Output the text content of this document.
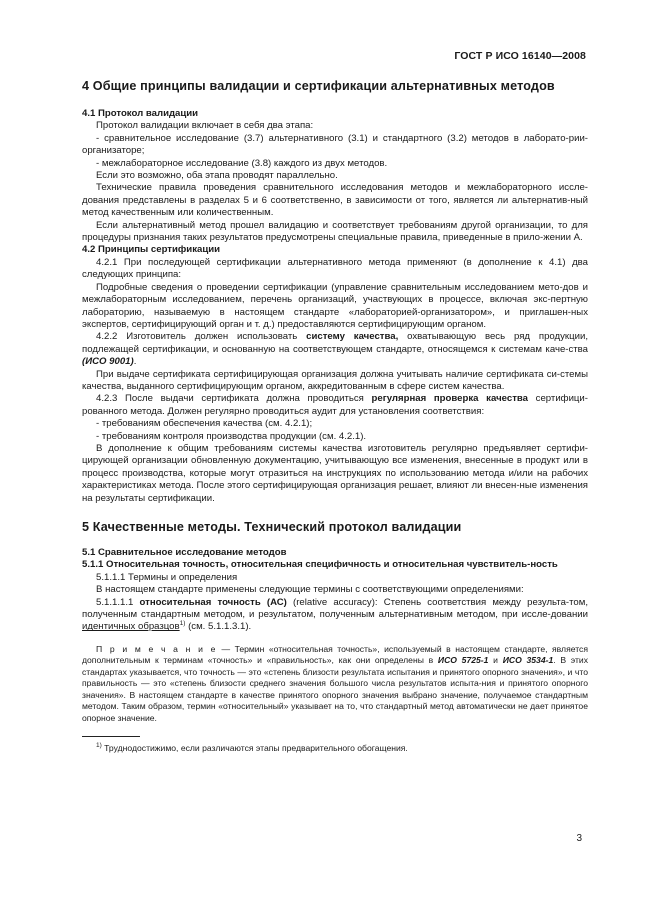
ГОСТ Р ИСО 16140—2008
4 Общие принципы валидации и сертификации альтернативных методов
4.1 Протокол валидации

Протокол валидации включает в себя два этапа:

- сравнительное исследование (3.7) альтернативного (3.1) и стандартного (3.2) методов в лаборато-рии-организаторе;

- межлабораторное исследование (3.8) каждого из двух методов.

Если это возможно, оба этапа проводят параллельно.

Технические правила проведения сравнительного исследования методов и межлабораторного иссле-дования представлены в разделах 5 и 6 соответственно, в зависимости от того, является ли альтернатив-ный метод качественным или количественным.

Если альтернативный метод прошел валидацию и соответствует требованиям другой организации, то для процедуры признания таких результатов предусмотрены специальные правила, приведенные в прило-жении А.

4.2 Принципы сертификации

4.2.1 При последующей сертификации альтернативного метода применяют (в дополнение к 4.1) два следующих принципа:

Подробные сведения о проведении сертификации (управление сравнительным исследованием мето-дов и межлабораторным исследованием, перечень организаций, участвующих в процессе, включая экс-пертную лабораторию, называемую в настоящем стандарте «лабораторией-организатором», и приглашен-ных экспертов, сертифицирующий орган и т. д.) предоставляются сертифицирующим органом.

4.2.2 Изготовитель должен использовать систему качества, охватывающую весь ряд продукции, подлежащей сертификации, и основанную на соответствующем стандарте, относящемся к системам каче-ства (ИСО 9001).

При выдаче сертификата сертифицирующая организация должна учитывать наличие сертификата си-стемы качества, выданного сертифицирующим органом, аккредитованным в сфере систем качества.

4.2.3 После выдачи сертификата должна проводиться регулярная проверка качества сертифици-рованного метода. Должен регулярно проводиться аудит для установления соответствия:

- требованиям обеспечения качества (см. 4.2.1);

- требованиям контроля производства продукции (см. 4.2.1).

В дополнение к общим требованиям системы качества изготовитель регулярно предъявляет сертифи-цирующей организации обновленную документацию, учитывающую все изменения, внесенные в продукт или в процесс производства, которые могут отразиться на инструкциях по использованию метода и/или на рабочих характеристиках метода. После этого сертифицирующая организация решает, влияют ли внесен-ные изменения на результаты сертификации.

5 Качественные методы. Технический протокол валидации
5.1 Сравнительное исследование методов
5.1.1 Относительная точность, относительная специфичность и относительная чувствитель-ность

5.1.1.1 Термины и определения

В настоящем стандарте применены следующие термины с соответствующими определениями:

5.1.1.1.1 относительная точность (АС) (relative accuracy): Степень соответствия между результа-том, полученным стандартным методом, и результатом, полученным альтернативным методом, при иссле-довании идентичных образцов$^{1)}$ (см. 5.1.1.3.1).

П р и м е ч а н и е — Термин «относительная точность», используемый в настоящем стандарте, является дополнительным к терминам «точность» и «правильность», как они определены в ИСО 5725-1 и ИСО 3534-1. В этих стандартах указывается, что точность — это «степень близости результата испытания и принятого опорного значения», и что правильность — это «степень близости среднего значения большого числа результатов испыта-ния и принятого опорного значения». В настоящем стандарте в качестве принятого опорного значения выбрано значение, получаемое стандартным методом. Таким образом, термин «относительный» указывает на то, что стандартный метод автоматически не дает принятое опорное значение.

$^{1)}$ Труднодостижимо, если различаются этапы предварительного обогащения.

3
